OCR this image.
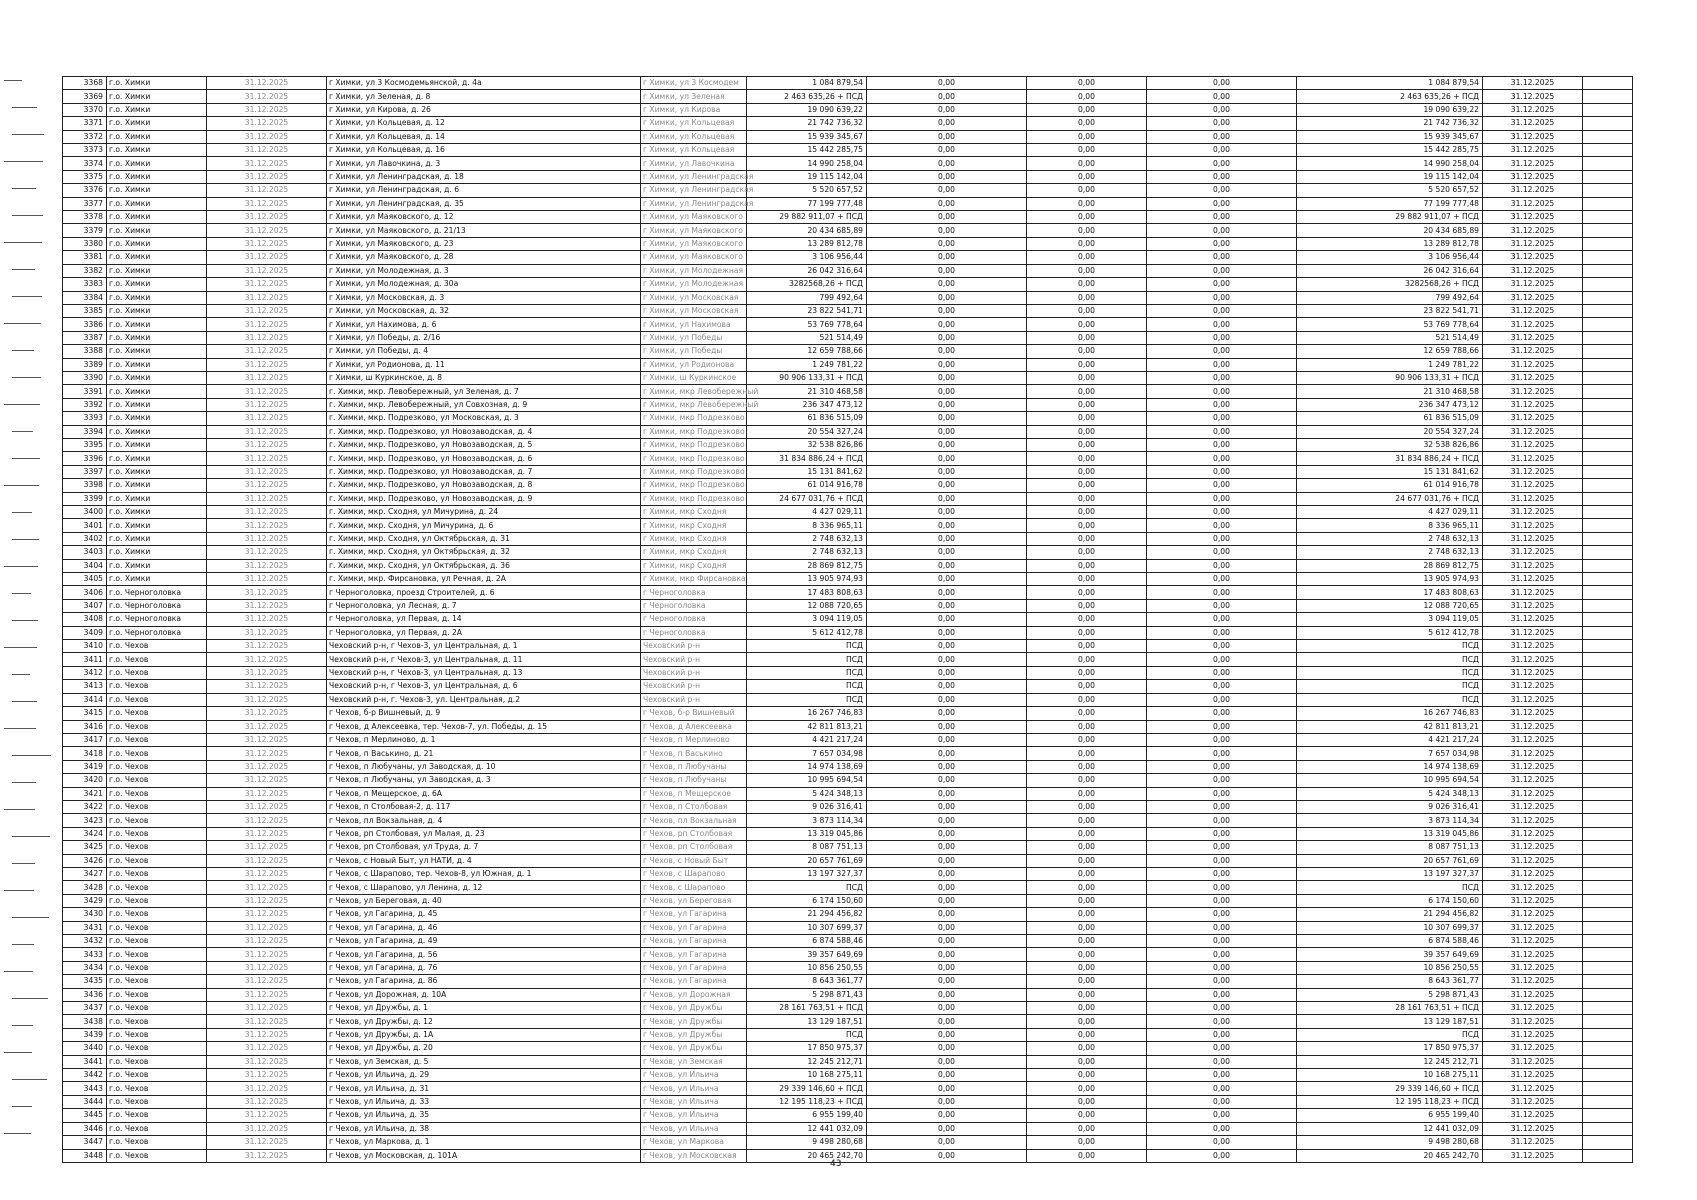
3368	г.о. Химки	31.12.2025	г Химки, ул 3 Космодемьянской, д. 4а	г Химки, ул 3 Космодем	1 084 879,54	0,00	0,00	0,00	1 084 879,54	31.12.2025	
3369	г.о. Химки	31.12.2025	г Химки, ул Зеленая, д. 8	г Химки, ул Зеленая	2 463 635,26 + ПСД	0,00	0,00	0,00	2 463 635,26 + ПСД	31.12.2025	
3370	г.о. Химки	31.12.2025	г Химки, ул Кирова, д. 26	г Химки, ул Кирова	19 090 639,22	0,00	0,00	0,00	19 090 639,22	31.12.2025	
3371	г.о. Химки	31.12.2025	г Химки, ул Кольцевая, д. 12	г Химки, ул Кольцевая	21 742 736,32	0,00	0,00	0,00	21 742 736,32	31.12.2025	
3372	г.о. Химки	31.12.2025	г Химки, ул Кольцевая, д. 14	г Химки, ул Кольцевая	15 939 345,67	0,00	0,00	0,00	15 939 345,67	31.12.2025	
3373	г.о. Химки	31.12.2025	г Химки, ул Кольцевая, д. 16	г Химки, ул Кольцевая	15 442 285,75	0,00	0,00	0,00	15 442 285,75	31.12.2025	
3374	г.о. Химки	31.12.2025	г Химки, ул Лавочкина, д. 3	г Химки, ул Лавочкина	14 990 258,04	0,00	0,00	0,00	14 990 258,04	31.12.2025	
3375	г.о. Химки	31.12.2025	г Химки, ул Ленинградская, д. 18	г Химки, ул Ленинградская	19 115 142,04	0,00	0,00	0,00	19 115 142,04	31.12.2025	
3376	г.о. Химки	31.12.2025	г Химки, ул Ленинградская, д. 6	г Химки, ул Ленинградская	5 520 657,52	0,00	0,00	0,00	5 520 657,52	31.12.2025	
3377	г.о. Химки	31.12.2025	г Химки, ул Ленинградская, д. 35	г Химки, ул Ленинградская	77 199 777,48	0,00	0,00	0,00	77 199 777,48	31.12.2025	
3378	г.о. Химки	31.12.2025	г Химки, ул Маяковского, д. 12	г Химки, ул Маяковского	29 882 911,07 + ПСД	0,00	0,00	0,00	29 882 911,07 + ПСД	31.12.2025	
3379	г.о. Химки	31.12.2025	г Химки, ул Маяковского, д. 21/13	г Химки, ул Маяковского	20 434 685,89	0,00	0,00	0,00	20 434 685,89	31.12.2025	
3380	г.о. Химки	31.12.2025	г Химки, ул Маяковского, д. 23	г Химки, ул Маяковского	13 289 812,78	0,00	0,00	0,00	13 289 812,78	31.12.2025	
3381	г.о. Химки	31.12.2025	г Химки, ул Маяковского, д. 28	г Химки, ул Маяковского	3 106 956,44	0,00	0,00	0,00	3 106 956,44	31.12.2025	
3382	г.о. Химки	31.12.2025	г Химки, ул Молодежная, д. 3	г Химки, ул Молодежная	26 042 316,64	0,00	0,00	0,00	26 042 316,64	31.12.2025	
3383	г.о. Химки	31.12.2025	г Химки, ул Молодежная, д. 30а	г Химки, ул Молодежная	3282568,26 + ПСД	0,00	0,00	0,00	3282568,26 + ПСД	31.12.2025	
3384	г.о. Химки	31.12.2025	г Химки, ул Московская, д. 3	г Химки, ул Московская	799 492,64	0,00	0,00	0,00	799 492,64	31.12.2025	
3385	г.о. Химки	31.12.2025	г Химки, ул Московская, д. 32	г Химки, ул Московская	23 822 541,71	0,00	0,00	0,00	23 822 541,71	31.12.2025	
3386	г.о. Химки	31.12.2025	г Химки, ул Нахимова, д. 6	г Химки, ул Нахимова	53 769 778,64	0,00	0,00	0,00	53 769 778,64	31.12.2025	
3387	г.о. Химки	31.12.2025	г Химки, ул Победы, д. 2/16	г Химки, ул Победы	521 514,49	0,00	0,00	0,00	521 514,49	31.12.2025	
3388	г.о. Химки	31.12.2025	г Химки, ул Победы, д. 4	г Химки, ул Победы	12 659 788,66	0,00	0,00	0,00	12 659 788,66	31.12.2025	
3389	г.о. Химки	31.12.2025	г Химки, ул Родионова, д. 11	г Химки, ул Родионова	1 249 781,22	0,00	0,00	0,00	1 249 781,22	31.12.2025	
3390	г.о. Химки	31.12.2025	г Химки, ш Куркинское, д. 8	г Химки, ш Куркинское	90 906 133,31 + ПСД	0,00	0,00	0,00	90 906 133,31 + ПСД	31.12.2025	
3391	г.о. Химки	31.12.2025	г. Химки, мкр. Левобережный, ул Зеленая, д. 7	г Химки, мкр Левобережный	21 310 468,58	0,00	0,00	0,00	21 310 468,58	31.12.2025	
3392	г.о. Химки	31.12.2025	г. Химки, мкр. Левобережный, ул Совхозная, д. 9	г Химки, мкр Левобережный	236 347 473,12	0,00	0,00	0,00	236 347 473,12	31.12.2025	
3393	г.о. Химки	31.12.2025	г. Химки, мкр. Подрезково, ул Московская, д. 3	г Химки, мкр Подрезково	61 836 515,09	0,00	0,00	0,00	61 836 515,09	31.12.2025	
3394	г.о. Химки	31.12.2025	г. Химки, мкр. Подрезково, ул Новозаводская, д. 4	г Химки, мкр Подрезково	20 554 327,24	0,00	0,00	0,00	20 554 327,24	31.12.2025	
3395	г.о. Химки	31.12.2025	г. Химки, мкр. Подрезково, ул Новозаводская, д. 5	г Химки, мкр Подрезково	32 538 826,86	0,00	0,00	0,00	32 538 826,86	31.12.2025	
3396	г.о. Химки	31.12.2025	г. Химки, мкр. Подрезково, ул Новозаводская, д. 6	г Химки, мкр Подрезково	31 834 886,24 + ПСД	0,00	0,00	0,00	31 834 886,24 + ПСД	31.12.2025	
3397	г.о. Химки	31.12.2025	г. Химки, мкр. Подрезково, ул Новозаводская, д. 7	г Химки, мкр Подрезково	15 131 841,62	0,00	0,00	0,00	15 131 841,62	31.12.2025	
3398	г.о. Химки	31.12.2025	г. Химки, мкр. Подрезково, ул Новозаводская, д. 8	г Химки, мкр Подрезково	61 014 916,78	0,00	0,00	0,00	61 014 916,78	31.12.2025	
3399	г.о. Химки	31.12.2025	г. Химки, мкр. Подрезково, ул Новозаводская, д. 9	г Химки, мкр Подрезково	24 677 031,76 + ПСД	0,00	0,00	0,00	24 677 031,76 + ПСД	31.12.2025	
3400	г.о. Химки	31.12.2025	г. Химки, мкр. Сходня, ул Мичурина, д. 24	г Химки, мкр Сходня	4 427 029,11	0,00	0,00	0,00	4 427 029,11	31.12.2025	
3401	г.о. Химки	31.12.2025	г. Химки, мкр. Сходня, ул Мичурина, д. 6	г Химки, мкр Сходня	8 336 965,11	0,00	0,00	0,00	8 336 965,11	31.12.2025	
3402	г.о. Химки	31.12.2025	г. Химки, мкр. Сходня, ул Октябрьская, д. 31	г Химки, мкр Сходня	2 748 632,13	0,00	0,00	0,00	2 748 632,13	31.12.2025	
3403	г.о. Химки	31.12.2025	г. Химки, мкр. Сходня, ул Октябрьская, д. 32	г Химки, мкр Сходня	2 748 632,13	0,00	0,00	0,00	2 748 632,13	31.12.2025	
3404	г.о. Химки	31.12.2025	г. Химки, мкр. Сходня, ул Октябрьская, д. 36	г Химки, мкр Сходня	28 869 812,75	0,00	0,00	0,00	28 869 812,75	31.12.2025	
3405	г.о. Химки	31.12.2025	г. Химки, мкр. Фирсановка, ул Речная, д. 2А	г Химки, мкр Фирсановка	13 905 974,93	0,00	0,00	0,00	13 905 974,93	31.12.2025	
3406	г.о. Черноголовка	31.12.2025	г Черноголовка, проезд Строителей, д. 6	г Черноголовка	17 483 808,63	0,00	0,00	0,00	17 483 808,63	31.12.2025	
3407	г.о. Черноголовка	31.12.2025	г Черноголовка, ул Лесная, д. 7	г Черноголовка	12 088 720,65	0,00	0,00	0,00	12 088 720,65	31.12.2025	
3408	г.о. Черноголовка	31.12.2025	г Черноголовка, ул Первая, д. 14	г Черноголовка	3 094 119,05	0,00	0,00	0,00	3 094 119,05	31.12.2025	
3409	г.о. Черноголовка	31.12.2025	г Черноголовка, ул Первая, д. 2А	г Черноголовка	5 612 412,78	0,00	0,00	0,00	5 612 412,78	31.12.2025	
3410	г.о. Чехов	31.12.2025	Чеховский р-н, г Чехов-3, ул Центральная, д. 1	Чеховский р-н	ПСД	0,00	0,00	0,00	ПСД	31.12.2025	
3411	г.о. Чехов	31.12.2025	Чеховский р-н, г Чехов-3, ул Центральная, д. 11	Чеховский р-н	ПСД	0,00	0,00	0,00	ПСД	31.12.2025	
3412	г.о. Чехов	31.12.2025	Чеховский р-н, г Чехов-3, ул Центральная, д. 13	Чеховский р-н	ПСД	0,00	0,00	0,00	ПСД	31.12.2025	
3413	г.о. Чехов	31.12.2025	Чеховский р-н, г Чехов-3, ул Центральная, д. 6	Чеховский р-н	ПСД	0,00	0,00	0,00	ПСД	31.12.2025	
3414	г.о. Чехов	31.12.2025	Чеховский р-н, г. Чехов-3, ул. Центральная, д.2	Чеховский р-н	ПСД	0,00	0,00	0,00	ПСД	31.12.2025	
3415	г.о. Чехов	31.12.2025	г Чехов, б-р Вишневый, д. 9	г Чехов, б-р Вишневый	16 267 746,83	0,00	0,00	0,00	16 267 746,83	31.12.2025	
3416	г.о. Чехов	31.12.2025	г Чехов, д Алексеевка, тер. Чехов-7, ул. Победы, д. 15	г Чехов, д Алексеевка	42 811 813,21	0,00	0,00	0,00	42 811 813,21	31.12.2025	
3417	г.о. Чехов	31.12.2025	г Чехов, п Мерлиново, д. 1	г Чехов, п Мерлиново	4 421 217,24	0,00	0,00	0,00	4 421 217,24	31.12.2025	
3418	г.о. Чехов	31.12.2025	г Чехов, п Васькино, д. 21	г Чехов, п Васькино	7 657 034,98	0,00	0,00	0,00	7 657 034,98	31.12.2025	
3419	г.о. Чехов	31.12.2025	г Чехов, п Любучаны, ул Заводская, д. 10	г Чехов, п Любучаны	14 974 138,69	0,00	0,00	0,00	14 974 138,69	31.12.2025	
3420	г.о. Чехов	31.12.2025	г Чехов, п Любучаны, ул Заводская, д. 3	г Чехов, п Любучаны	10 995 694,54	0,00	0,00	0,00	10 995 694,54	31.12.2025	
3421	г.о. Чехов	31.12.2025	г Чехов, п Мещерское, д. 6А	г Чехов, п Мещерское	5 424 348,13	0,00	0,00	0,00	5 424 348,13	31.12.2025	
3422	г.о. Чехов	31.12.2025	г Чехов, п Столбовая-2, д. 117	г Чехов, п Столбовая	9 026 316,41	0,00	0,00	0,00	9 026 316,41	31.12.2025	
3423	г.о. Чехов	31.12.2025	г Чехов, пл Вокзальная, д. 4	г Чехов, пл Вокзальная	3 873 114,34	0,00	0,00	0,00	3 873 114,34	31.12.2025	
3424	г.о. Чехов	31.12.2025	г Чехов, рп Столбовая, ул Малая, д. 23	г Чехов, рп Столбовая	13 319 045,86	0,00	0,00	0,00	13 319 045,86	31.12.2025	
3425	г.о. Чехов	31.12.2025	г Чехов, рп Столбовая, ул Труда, д. 7	г Чехов, рп Столбовая	8 087 751,13	0,00	0,00	0,00	8 087 751,13	31.12.2025	
3426	г.о. Чехов	31.12.2025	г Чехов, с Новый Быт, ул НАТИ, д. 4	г Чехов, с Новый Быт	20 657 761,69	0,00	0,00	0,00	20 657 761,69	31.12.2025	
3427	г.о. Чехов	31.12.2025	г Чехов, с Шарапово, тер. Чехов-8, ул Южная, д. 1	г Чехов, с Шарапово	13 197 327,37	0,00	0,00	0,00	13 197 327,37	31.12.2025	
3428	г.о. Чехов	31.12.2025	г Чехов, с Шарапово, ул Ленина, д. 12	г Чехов, с Шарапово	ПСД	0,00	0,00	0,00	ПСД	31.12.2025	
3429	г.о. Чехов	31.12.2025	г Чехов, ул Береговая, д. 40	г Чехов, ул Береговая	6 174 150,60	0,00	0,00	0,00	6 174 150,60	31.12.2025	
3430	г.о. Чехов	31.12.2025	г Чехов, ул Гагарина, д. 45	г Чехов, ул Гагарина	21 294 456,82	0,00	0,00	0,00	21 294 456,82	31.12.2025	
3431	г.о. Чехов	31.12.2025	г Чехов, ул Гагарина, д. 46	г Чехов, ул Гагарина	10 307 699,37	0,00	0,00	0,00	10 307 699,37	31.12.2025	
3432	г.о. Чехов	31.12.2025	г Чехов, ул Гагарина, д. 49	г Чехов, ул Гагарина	6 874 588,46	0,00	0,00	0,00	6 874 588,46	31.12.2025	
3433	г.о. Чехов	31.12.2025	г Чехов, ул Гагарина, д. 56	г Чехов, ул Гагарина	39 357 649,69	0,00	0,00	0,00	39 357 649,69	31.12.2025	
3434	г.о. Чехов	31.12.2025	г Чехов, ул Гагарина, д. 76	г Чехов, ул Гагарина	10 856 250,55	0,00	0,00	0,00	10 856 250,55	31.12.2025	
3435	г.о. Чехов	31.12.2025	г Чехов, ул Гагарина, д. 86	г Чехов, ул Гагарина	8 643 361,77	0,00	0,00	0,00	8 643 361,77	31.12.2025	
3436	г.о. Чехов	31.12.2025	г Чехов, ул Дорожная, д. 10А	г Чехов, ул Дорожная	5 298 871,43	0,00	0,00	0,00	5 298 871,43	31.12.2025	
3437	г.о. Чехов	31.12.2025	г Чехов, ул Дружбы, д. 1	г Чехов, ул Дружбы	28 161 763,51 + ПСД	0,00	0,00	0,00	28 161 763,51 + ПСД	31.12.2025	
3438	г.о. Чехов	31.12.2025	г Чехов, ул Дружбы, д. 12	г Чехов, ул Дружбы	13 129 187,51	0,00	0,00	0,00	13 129 187,51	31.12.2025	
3439	г.о. Чехов	31.12.2025	г Чехов, ул Дружбы, д. 1А	г Чехов, ул Дружбы	ПСД	0,00	0,00	0,00	ПСД	31.12.2025	
3440	г.о. Чехов	31.12.2025	г Чехов, ул Дружбы, д. 20	г Чехов, ул Дружбы	17 850 975,37	0,00	0,00	0,00	17 850 975,37	31.12.2025	
3441	г.о. Чехов	31.12.2025	г Чехов, ул Земская, д. 5	г Чехов, ул Земская	12 245 212,71	0,00	0,00	0,00	12 245 212,71	31.12.2025	
3442	г.о. Чехов	31.12.2025	г Чехов, ул Ильича, д. 29	г Чехов, ул Ильича	10 168 275,11	0,00	0,00	0,00	10 168 275,11	31.12.2025	
3443	г.о. Чехов	31.12.2025	г Чехов, ул Ильича, д. 31	г Чехов, ул Ильича	29 339 146,60 + ПСД	0,00	0,00	0,00	29 339 146,60 + ПСД	31.12.2025	
3444	г.о. Чехов	31.12.2025	г Чехов, ул Ильича, д. 33	г Чехов, ул Ильича	12 195 118,23 + ПСД	0,00	0,00	0,00	12 195 118,23 + ПСД	31.12.2025	
3445	г.о. Чехов	31.12.2025	г Чехов, ул Ильича, д. 35	г Чехов, ул Ильича	6 955 199,40	0,00	0,00	0,00	6 955 199,40	31.12.2025	
3446	г.о. Чехов	31.12.2025	г Чехов, ул Ильича, д. 38	г Чехов, ул Ильича	12 441 032,09	0,00	0,00	0,00	12 441 032,09	31.12.2025	
3447	г.о. Чехов	31.12.2025	г Чехов, ул Маркова, д. 1	г Чехов, ул Маркова	9 498 280,68	0,00	0,00	0,00	9 498 280,68	31.12.2025	
3448	г.о. Чехов	31.12.2025	г Чехов, ул Московская, д. 101А	г Чехов, ул Московская	20 465 242,70	0,00	0,00	0,00	20 465 242,70	31.12.2025	
43
